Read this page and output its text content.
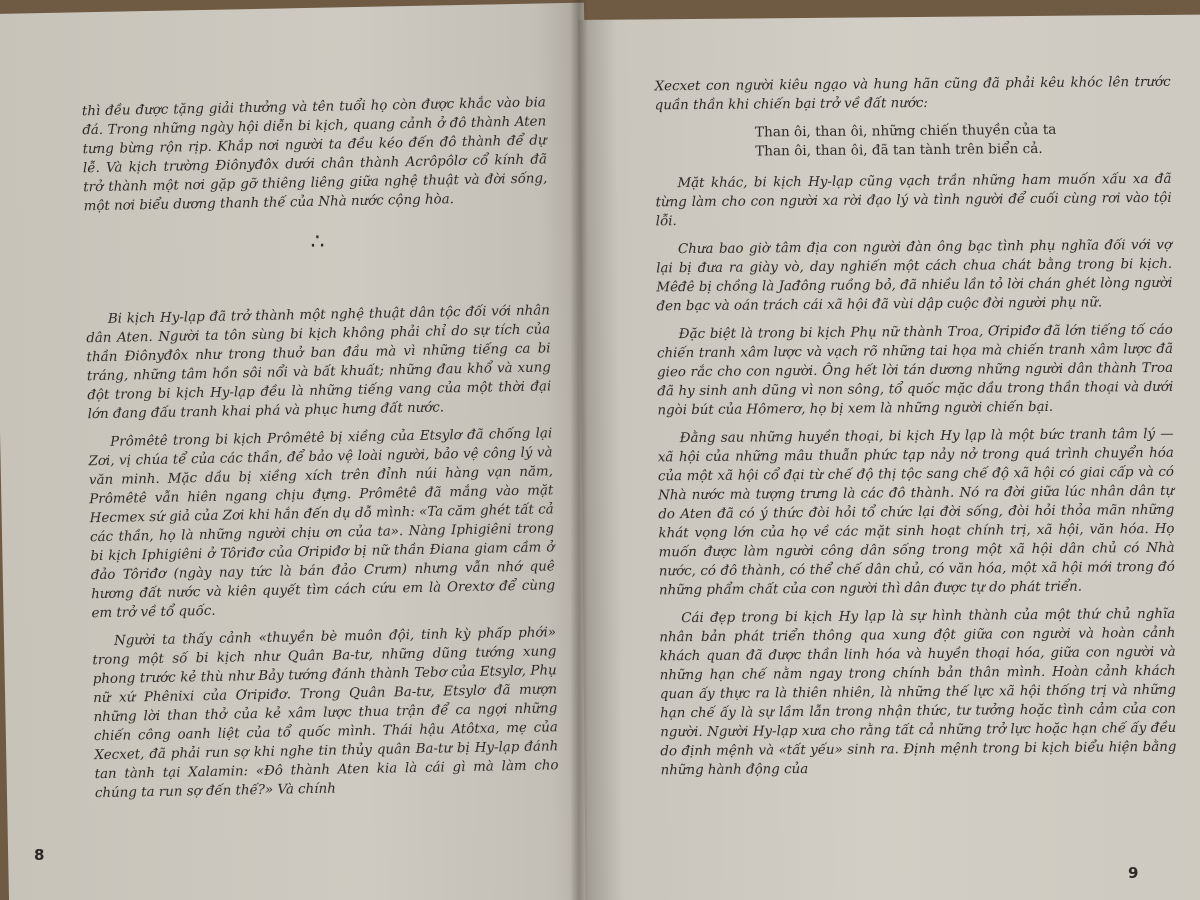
thì đều được tặng giải thưởng và tên tuổi họ còn được khắc vào bia đá. Trong những ngày hội diễn bi kịch, quang cảnh ở đô thành Aten tưng bừng rộn rịp. Khắp nơi người ta đều kéo đến đô thành để dự lễ. Và kịch trường Điônyđôx dưới chân thành Acrôpôlơ cổ kính đã trở thành một nơi gặp gỡ thiêng liêng giữa nghệ thuật và đời sống, một nơi biểu dương thanh thế của Nhà nước cộng hòa.

∴

Bi kịch Hy-lạp đã trở thành một nghệ thuật dân tộc đối với nhân dân Aten. Người ta tôn sùng bi kịch không phải chỉ do sự tích của thần Điônyđôx như trong thuở ban đầu mà vì những tiếng ca bi tráng, những tâm hồn sôi nổi và bất khuất; những đau khổ và xung đột trong bi kịch Hy-lạp đều là những tiếng vang của một thời đại lớn đang đấu tranh khai phá và phục hưng đất nước.

Prômêtê trong bi kịch Prômêtê bị xiềng của Etsylơ đã chống lại Zơi, vị chúa tể của các thần, để bảo vệ loài người, bảo vệ công lý và văn minh. Mặc dầu bị xiềng xích trên đỉnh núi hàng vạn năm, Prômêtê vẫn hiên ngang chịu đựng. Prômêtê đã mắng vào mặt Hecmex sứ giả của Zơi khi hắn đến dụ dỗ mình: «Ta căm ghét tất cả các thần, họ là những người chịu ơn của ta». Nàng Iphigiêni trong bi kịch Iphigiêni ở Tôriđơ của Ơripiđơ bị nữ thần Điana giam cầm ở đảo Tôriđơ (ngày nay tức là bán đảo Crưm) nhưng vẫn nhớ quê hương đất nước và kiên quyết tìm cách cứu em là Orextơ để cùng em trở về tổ quốc.

Người ta thấy cảnh «thuyền bè muôn đội, tinh kỳ phấp phới» trong một số bi kịch như Quân Ba-tư, những dũng tướng xung phong trước kẻ thù như Bảy tướng đánh thành Tebơ của Etsylơ, Phụ nữ xứ Phênixi của Ơripiđơ. Trong Quân Ba-tư, Etsylơ đã mượn những lời than thở của kẻ xâm lược thua trận để ca ngợi những chiến công oanh liệt của tổ quốc mình. Thái hậu Atôtxa, mẹ của Xecxet, đã phải run sợ khi nghe tin thủy quân Ba-tư bị Hy-lạp đánh tan tành tại Xalamin: «Đô thành Aten kia là cái gì mà làm cho chúng ta run sợ đến thế?» Và chính

Xecxet con người kiêu ngạo và hung hãn cũng đã phải kêu khóc lên trước quần thần khi chiến bại trở về đất nước:

Than ôi, than ôi, những chiến thuyền của ta
Than ôi, than ôi, đã tan tành trên biển cả.

Mặt khác, bi kịch Hy-lạp cũng vạch trần những ham muốn xấu xa đã từng làm cho con người xa rời đạo lý và tình người để cuối cùng rơi vào tội lỗi.

Chưa bao giờ tâm địa con người đàn ông bạc tình phụ nghĩa đối với vợ lại bị đưa ra giày vò, day nghiến một cách chua chát bằng trong bi kịch. Mêđê bị chồng là Jađông ruồng bỏ, đã nhiều lần tỏ lời chán ghét lòng người đen bạc và oán trách cái xã hội đã vùi dập cuộc đời người phụ nữ.

Đặc biệt là trong bi kịch Phụ nữ thành Troa, Ơripiđơ đã lớn tiếng tố cáo chiến tranh xâm lược và vạch rõ những tai họa mà chiến tranh xâm lược đã gieo rắc cho con người. Ông hết lời tán dương những người dân thành Troa đã hy sinh anh dũng vì non sông, tổ quốc mặc dầu trong thần thoại và dưới ngòi bút của Hômerơ, họ bị xem là những người chiến bại.

Đằng sau những huyền thoại, bi kịch Hy lạp là một bức tranh tâm lý — xã hội của những mâu thuẫn phức tạp nảy nở trong quá trình chuyển hóa của một xã hội cổ đại từ chế độ thị tộc sang chế độ xã hội có giai cấp và có Nhà nước mà tượng trưng là các đô thành. Nó ra đời giữa lúc nhân dân tự do Aten đã có ý thức đòi hỏi tổ chức lại đời sống, đòi hỏi thỏa mãn những khát vọng lớn của họ về các mặt sinh hoạt chính trị, xã hội, văn hóa. Họ muốn được làm người công dân sống trong một xã hội dân chủ có Nhà nước, có đô thành, có thể chế dân chủ, có văn hóa, một xã hội mới trong đó những phẩm chất của con người thì dân được tự do phát triển.

Cái đẹp trong bi kịch Hy lạp là sự hình thành của một thứ chủ nghĩa nhân bản phát triển thông qua xung đột giữa con người và hoàn cảnh khách quan đã được thần linh hóa và huyền thoại hóa, giữa con người và những hạn chế nằm ngay trong chính bản thân mình. Hoàn cảnh khách quan ấy thực ra là thiên nhiên, là những thế lực xã hội thống trị và những hạn chế ấy là sự lầm lẫn trong nhận thức, tư tưởng hoặc tình cảm của con người. Người Hy-lạp xưa cho rằng tất cả những trở lực hoặc hạn chế ấy đều do định mệnh và «tất yếu» sinh ra. Định mệnh trong bi kịch biểu hiện bằng những hành động của

8
9
